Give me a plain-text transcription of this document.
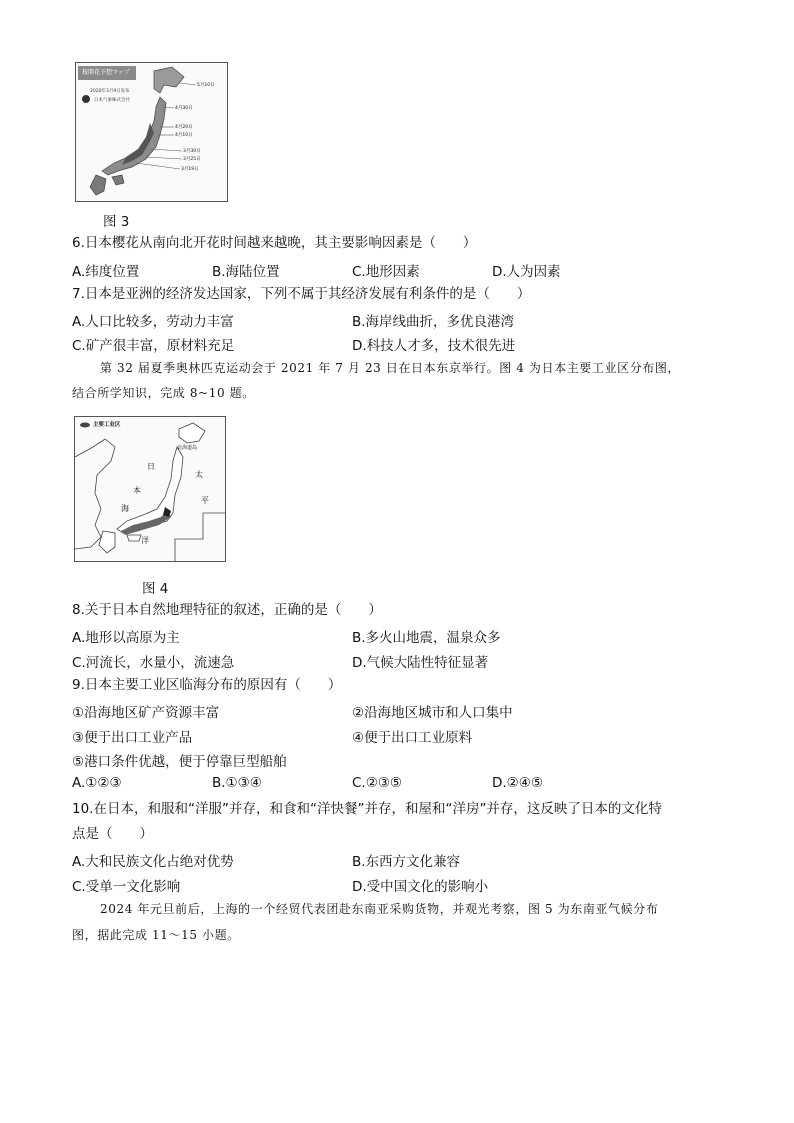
桜開花予想マップ
2020年3月9日发布
日本气象株式会社
5月10日
4月30日
4月20日
4月10日
3月30日
3月25日
3月19日
图 3
6.日本樱花从南向北开花时间越来越晚，其主要影响因素是（　　）
A.纬度位置	B.海陆位置	C.地形因素	D.人为因素
7.日本是亚洲的经济发达国家，下列不属于其经济发展有利条件的是（　　）
A.人口比较多，劳动力丰富	B.海岸线曲折，多优良港湾
C.矿产很丰富，原材料充足	D.科技人才多，技术很先进
第 32 届夏季奥林匹克运动会于 2021 年 7 月 23 日在日本东京举行。图 4 为日本主要工业区分布图，
结合所学知识，完成 8~10 题。
主要工业区
北海道岛
日
本
海
太
平
洋
图 4
8.关于日本自然地理特征的叙述，正确的是（　　）
A.地形以高原为主	B.多火山地震，温泉众多
C.河流长，水量小，流速急	D.气候大陆性特征显著
9.日本主要工业区临海分布的原因有（　　）
①沿海地区矿产资源丰富	②沿海地区城市和人口集中
③便于出口工业产品	④便于出口工业原料
⑤港口条件优越，便于停靠巨型船舶
A.①②③	B.①③④	C.②③⑤	D.②④⑤
10.在日本，和服和“洋服”并存，和食和“洋快餐”并存，和屋和“洋房”并存，这反映了日本的文化特
点是（　　）
A.大和民族文化占绝对优势	B.东西方文化兼容
C.受单一文化影响	D.受中国文化的影响小
2024 年元旦前后，上海的一个经贸代表团赴东南亚采购货物，并观光考察，图 5 为东南亚气候分布
图，据此完成 11～15 小题。
